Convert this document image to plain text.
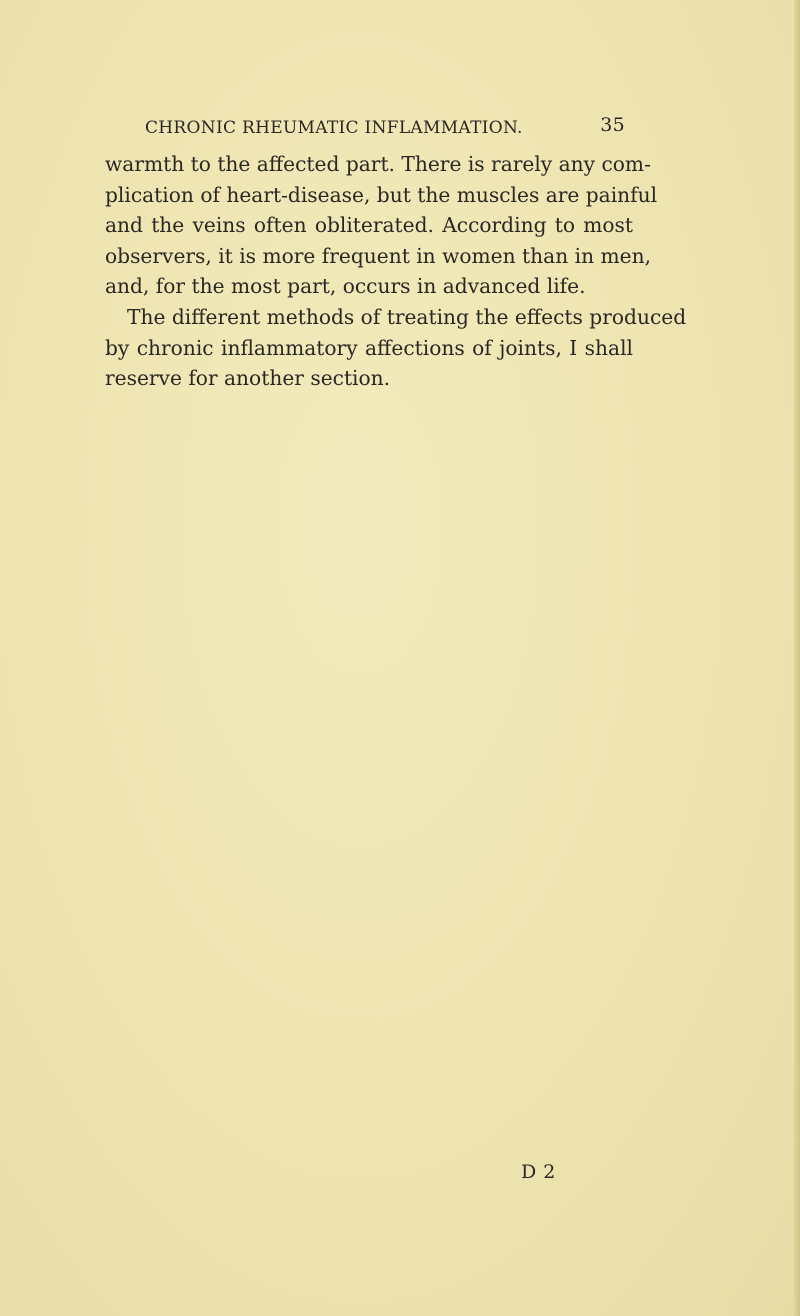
CHRONIC RHEUMATIC INFLAMMATION.	35
warmth to the affected part. There is rarely any com-
plication of heart-disease, but the muscles are painful
and the veins often obliterated. According to most
observers, it is more frequent in women than in men,
and, for the most part, occurs in advanced life.
The different methods of treating the effects produced
by chronic inflammatory affections of joints, I shall
reserve for another section.
D 2
